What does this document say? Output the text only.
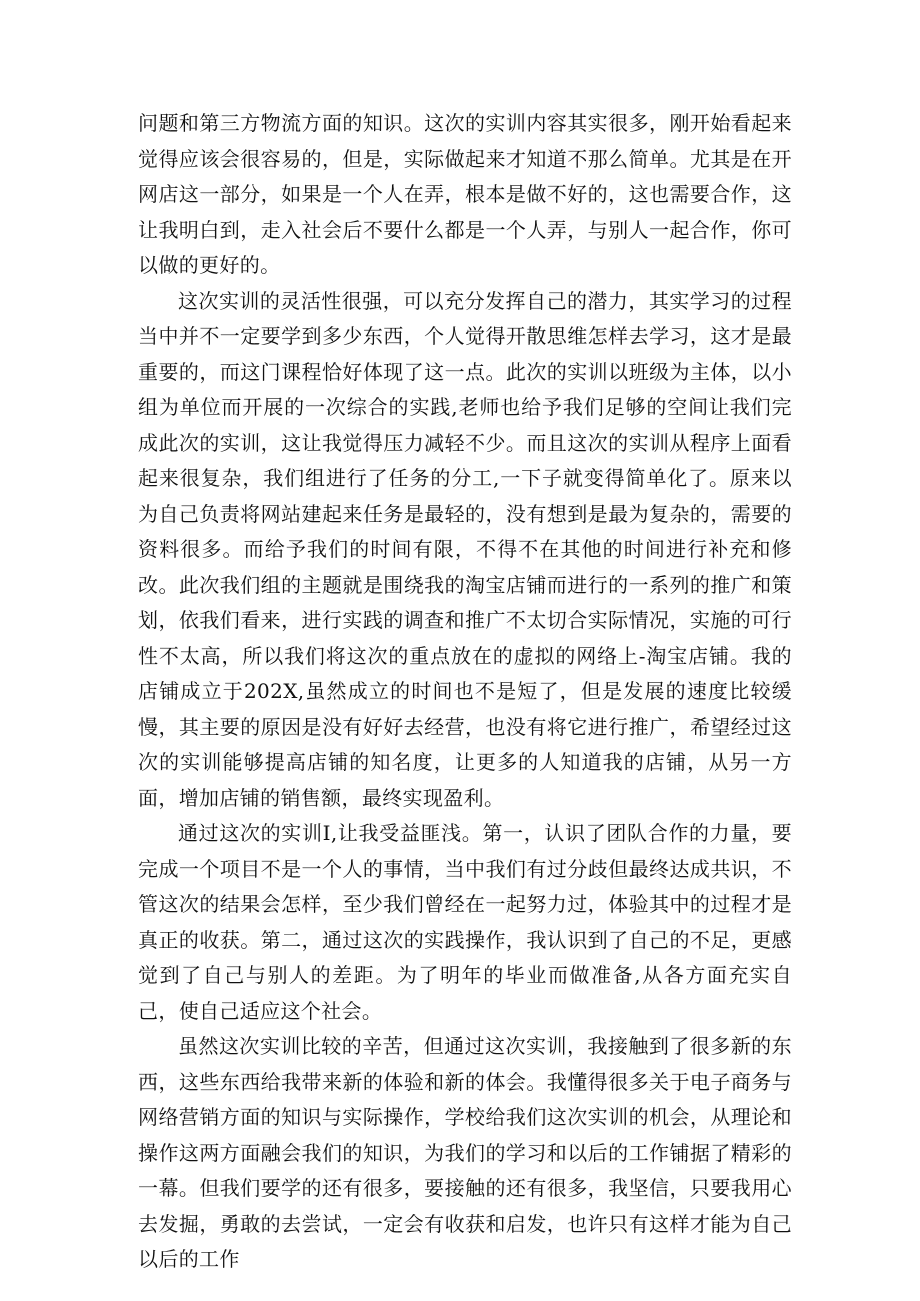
问题和第三方物流方面的知识。这次的实训内容其实很多，刚开始看起来觉得应该会很容易的，但是，实际做起来才知道不那么简单。尤其是在开网店这一部分，如果是一个人在弄，根本是做不好的，这也需要合作，这让我明白到，走入社会后不要什么都是一个人弄，与别人一起合作，你可以做的更好的。

这次实训的灵活性很强，可以充分发挥自己的潜力，其实学习的过程当中并不一定要学到多少东西，个人觉得开散思维怎样去学习，这才是最重要的，而这门课程恰好体现了这一点。此次的实训以班级为主体，以小组为单位而开展的一次综合的实践,老师也给予我们足够的空间让我们完成此次的实训，这让我觉得压力减轻不少。而且这次的实训从程序上面看起来很复杂，我们组进行了任务的分工,一下子就变得简单化了。原来以为自己负责将网站建起来任务是最轻的，没有想到是最为复杂的，需要的资料很多。而给予我们的时间有限，不得不在其他的时间进行补充和修改。此次我们组的主题就是围绕我的淘宝店铺而进行的一系列的推广和策划，依我们看来，进行实践的调查和推广不太切合实际情况，实施的可行性不太高，所以我们将这次的重点放在的虚拟的网络上-淘宝店铺。我的店铺成立于202X,虽然成立的时间也不是短了，但是发展的速度比较缓慢，其主要的原因是没有好好去经营，也没有将它进行推广，希望经过这次的实训能够提高店铺的知名度，让更多的人知道我的店铺，从另一方面，增加店铺的销售额，最终实现盈利。

通过这次的实训I,让我受益匪浅。第一，认识了团队合作的力量，要完成一个项目不是一个人的事情，当中我们有过分歧但最终达成共识，不管这次的结果会怎样，至少我们曾经在一起努力过，体验其中的过程才是真正的收获。第二，通过这次的实践操作，我认识到了自己的不足，更感觉到了自己与别人的差距。为了明年的毕业而做准备,从各方面充实自己，使自己适应这个社会。

虽然这次实训比较的辛苦，但通过这次实训，我接触到了很多新的东西，这些东西给我带来新的体验和新的体会。我懂得很多关于电子商务与网络营销方面的知识与实际操作，学校给我们这次实训的机会，从理论和操作这两方面融会我们的知识，为我们的学习和以后的工作铺据了精彩的一幕。但我们要学的还有很多，要接触的还有很多，我坚信，只要我用心去发掘，勇敢的去尝试，一定会有收获和启发，也许只有这样才能为自己以后的工作
